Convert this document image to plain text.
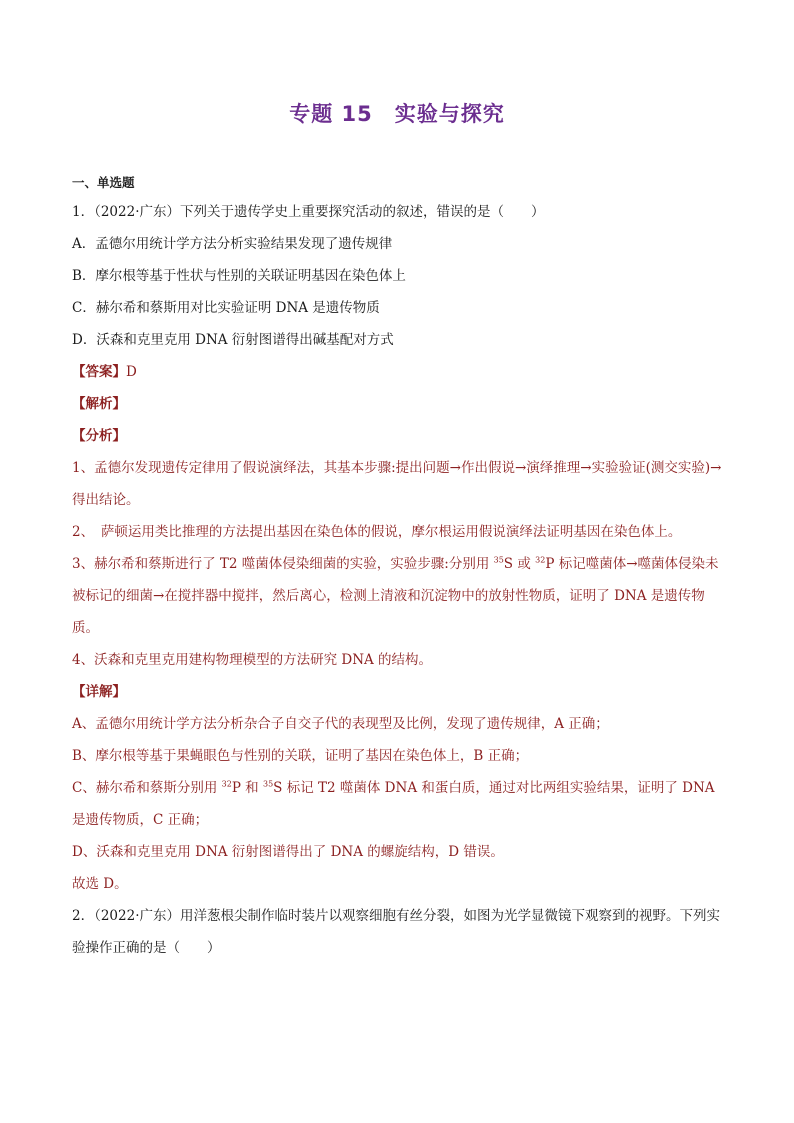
专题 15　实验与探究

一、单选题

1．（2022·广东）下列关于遗传学史上重要探究活动的叙述，错误的是（　　）

A．孟德尔用统计学方法分析实验结果发现了遗传规律

B．摩尔根等基于性状与性别的关联证明基因在染色体上

C．赫尔希和蔡斯用对比实验证明 DNA 是遗传物质

D．沃森和克里克用 DNA 衍射图谱得出碱基配对方式

【答案】D

【解析】

【分析】

1、孟德尔发现遗传定律用了假说演绎法，其基本步骤:提出问题→作出假说→演绎推理→实验验证(测交实验)→得出结论。

2、　萨顿运用类比推理的方法提出基因在染色体的假说，摩尔根运用假说演绎法证明基因在染色体上。

3、赫尔希和蔡斯进行了 T2 噬菌体侵染细菌的实验，实验步骤:分别用 $^{35}$S 或 $^{32}$P 标记噬菌体→噬菌体侵染未被标记的细菌→在搅拌器中搅拌，然后离心，检测上清液和沉淀物中的放射性物质，证明了 DNA 是遗传物质。

4、沃森和克里克用建构物理模型的方法研究 DNA 的结构。

【详解】

A、孟德尔用统计学方法分析杂合子自交子代的表现型及比例，发现了遗传规律，A 正确；

B、摩尔根等基于果蝇眼色与性别的关联，证明了基因在染色体上，B 正确；

C、赫尔希和蔡斯分别用 $^{32}$P 和 $^{35}$S 标记 T2 噬菌体 DNA 和蛋白质，通过对比两组实验结果，证明了 DNA 是遗传物质，C 正确；

D、沃森和克里克用 DNA 衍射图谱得出了 DNA 的螺旋结构，D 错误。

故选 D。

2．（2022·广东）用洋葱根尖制作临时装片以观察细胞有丝分裂，如图为光学显微镜下观察到的视野。下列实验操作正确的是（　　）
